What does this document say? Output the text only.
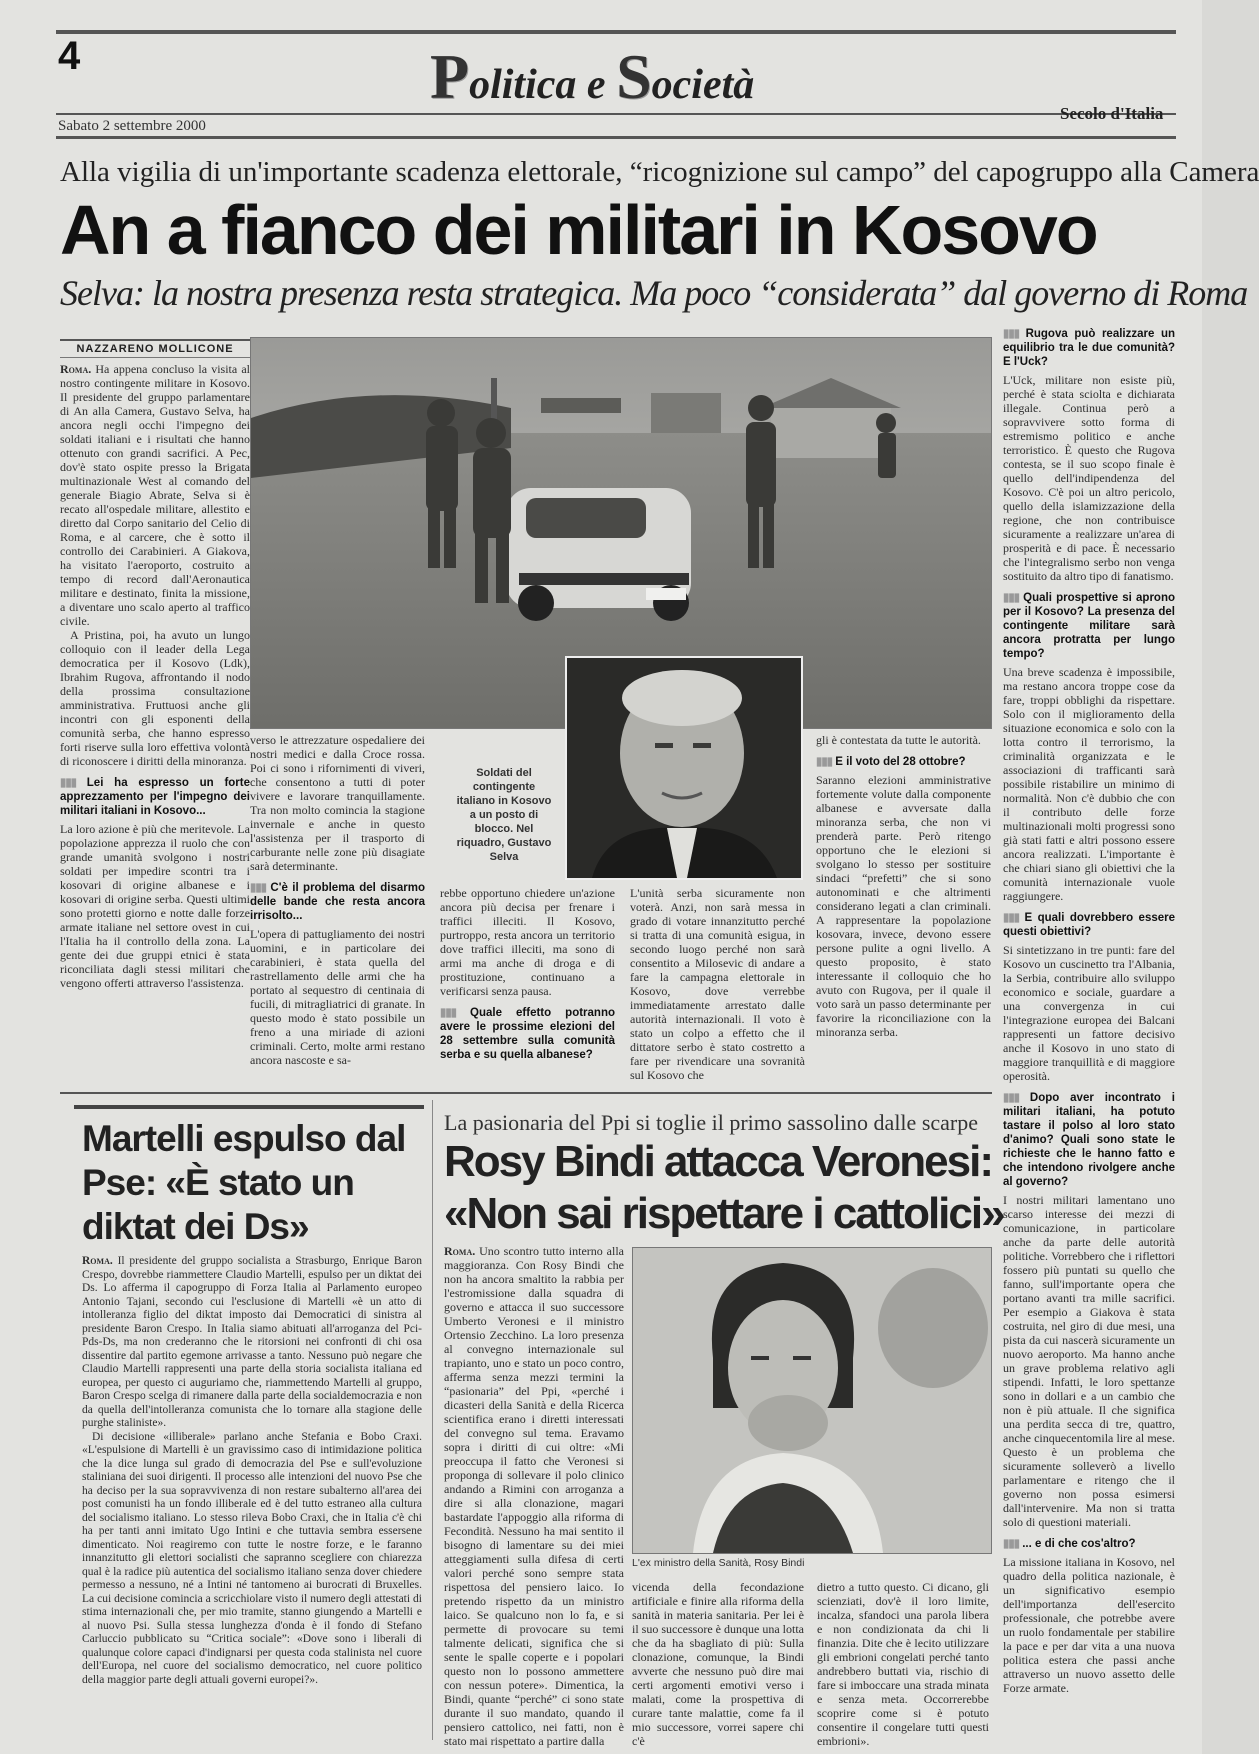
4	Politica e Società
Sabato 2 settembre 2000
Secolo d'Italia
Alla vigilia di un'importante scadenza elettorale, “ricognizione sul campo” del capogruppo alla Camera
An a fianco dei militari in Kosovo
Selva: la nostra presenza resta strategica. Ma poco “considerata” dal governo di Roma
NAZZARENO MOLLICONE

Roma. Ha appena concluso la visita al nostro contingente militare in Kosovo. Il presidente del gruppo parlamentare di An alla Camera, Gustavo Selva, ha ancora negli occhi l'impegno dei soldati italiani e i risultati che hanno ottenuto con grandi sacrifici. A Pec, dov'è stato ospite presso la Brigata multinazionale West al comando del generale Biagio Abrate, Selva si è recato all'ospedale militare, allestito e diretto dal Corpo sanitario del Celio di Roma, e al carcere, che è sotto il controllo dei Carabinieri. A Giakova, ha visitato l'aeroporto, costruito a tempo di record dall'Aeronautica militare e destinato, finita la missione, a diventare uno scalo aperto al traffico civile.

A Pristina, poi, ha avuto un lungo colloquio con il leader della Lega democratica per il Kosovo (Ldk), Ibrahim Rugova, affrontando il nodo della prossima consultazione amministrativa. Fruttuosi anche gli incontri con gli esponenti della comunità serba, che hanno espresso forti riserve sulla loro effettiva volontà di riconoscere i diritti della minoranza.

▮▮▮ Lei ha espresso un forte apprezzamento per l'impegno dei militari italiani in Kosovo...

La loro azione è più che meritevole. La popolazione apprezza il ruolo che con grande umanità svolgono i nostri soldati per impedire scontri tra i kosovari di origine albanese e i kosovari di origine serba. Questi ultimi sono protetti giorno e notte dalle forze armate italiane nel settore ovest in cui l'Italia ha il controllo della zona. La gente dei due gruppi etnici è stata riconciliata dagli stessi militari che vengono offerti attraverso l'assistenza.

Soldati del contingente italiano in Kosovo a un posto di blocco. Nel riquadro, Gustavo Selva

verso le attrezzature ospedaliere dei nostri medici e dalla Croce rossa. Poi ci sono i rifornimenti di viveri, che consentono a tutti di poter vivere e lavorare tranquillamente. Tra non molto comincia la stagione invernale e anche in questo l'assistenza per il trasporto di carburante nelle zone più disagiate sarà determinante.

▮▮▮ C'è il problema del disarmo delle bande che resta ancora irrisolto...

L'opera di pattugliamento dei nostri uomini, e in particolare dei carabinieri, è stata quella del rastrellamento delle armi che ha portato al sequestro di centinaia di fucili, di mitragliatrici di granate. In questo modo è stato possibile un freno a una miriade di azioni criminali. Certo, molte armi restano ancora nascoste e sa-

rebbe opportuno chiedere un'azione ancora più decisa per frenare i traffici illeciti. Il Kosovo, purtroppo, resta ancora un territorio dove traffici illeciti, ma sono di armi ma anche di droga e di prostituzione, continuano a verificarsi senza pausa.

▮▮▮ Quale effetto potranno avere le prossime elezioni del 28 settembre sulla comunità serba e su quella albanese?

L'unità serba sicuramente non voterà. Anzi, non sarà messa in grado di votare innanzitutto perché si tratta di una comunità esigua, in secondo luogo perché non sarà consentito a Milosevic di andare a fare la campagna elettorale in Kosovo, dove verrebbe immediatamente arrestato dalle autorità internazionali. Il voto è stato un colpo a effetto che il dittatore serbo è stato costretto a fare per rivendicare una sovranità sul Kosovo che

gli è contestata da tutte le autorità.

▮▮▮ E il voto del 28 ottobre?

Saranno elezioni amministrative fortemente volute dalla componente albanese e avversate dalla minoranza serba, che non vi prenderà parte. Però ritengo opportuno che le elezioni si svolgano lo stesso per sostituire sindaci “prefetti” che si sono autonominati e che altrimenti considerano legati a clan criminali. A rappresentare la popolazione kosovara, invece, devono essere persone pulite a ogni livello. A questo proposito, è stato interessante il colloquio che ho avuto con Rugova, per il quale il voto sarà un passo determinante per favorire la riconciliazione con la minoranza serba.

▮▮▮ Rugova può realizzare un equilibrio tra le due comunità? E l'Uck?

L'Uck, militare non esiste più, perché è stata sciolta e dichiarata illegale. Continua però a sopravvivere sotto forma di estremismo politico e anche terroristico. È questo che Rugova contesta, se il suo scopo finale è quello dell'indipendenza del Kosovo. C'è poi un altro pericolo, quello della islamizzazione della regione, che non contribuisce sicuramente a realizzare un'area di prosperità e di pace. È necessario che l'integralismo serbo non venga sostituito da altro tipo di fanatismo.

▮▮▮ Quali prospettive si aprono per il Kosovo? La presenza del contingente militare sarà ancora protratta per lungo tempo?

Una breve scadenza è impossibile, ma restano ancora troppe cose da fare, troppi obblighi da rispettare. Solo con il miglioramento della situazione economica e solo con la lotta contro il terrorismo, la criminalità organizzata e le associazioni di trafficanti sarà possibile ristabilire un minimo di normalità. Non c'è dubbio che con il contributo delle forze multinazionali molti progressi sono già stati fatti e altri possono essere ancora realizzati. L'importante è che chiari siano gli obiettivi che la comunità internazionale vuole raggiungere.

▮▮▮ E quali dovrebbero essere questi obiettivi?

Si sintetizzano in tre punti: fare del Kosovo un cuscinetto tra l'Albania, la Serbia, contribuire allo sviluppo economico e sociale, guardare a una convergenza in cui l'integrazione europea dei Balcani rappresenti un fattore decisivo anche il Kosovo in uno stato di maggiore tranquillità e di maggiore operosità.

▮▮▮ Dopo aver incontrato i militari italiani, ha potuto tastare il polso al loro stato d'animo? Quali sono state le richieste che le hanno fatto e che intendono rivolgere anche al governo?

I nostri militari lamentano uno scarso interesse dei mezzi di comunicazione, in particolare anche da parte delle autorità politiche. Vorrebbero che i riflettori fossero più puntati su quello che fanno, sull'importante opera che portano avanti tra mille sacrifici. Per esempio a Giakova è stata costruita, nel giro di due mesi, una pista da cui nascerà sicuramente un nuovo aeroporto. Ma hanno anche un grave problema relativo agli stipendi. Infatti, le loro spettanze sono in dollari e a un cambio che non è più attuale. Il che significa una perdita secca di tre, quattro, anche cinquecentomila lire al mese. Questo è un problema che sicuramente solleverò a livello parlamentare e ritengo che il governo non possa esimersi dall'intervenire. Ma non si tratta solo di questioni materiali.

▮▮▮ ... e di che cos'altro?

La missione italiana in Kosovo, nel quadro della politica nazionale, è un significativo esempio dell'importanza dell'esercito professionale, che potrebbe avere un ruolo fondamentale per stabilire la pace e per dar vita a una nuova politica estera che passi anche attraverso un nuovo assetto delle Forze armate.

Martelli espulso dal Pse: «È stato un diktat dei Ds»

Roma. Il presidente del gruppo socialista a Strasburgo, Enrique Baron Crespo, dovrebbe riammettere Claudio Martelli, espulso per un diktat dei Ds. Lo afferma il capogruppo di Forza Italia al Parlamento europeo Antonio Tajani, secondo cui l'esclusione di Martelli «è un atto di intolleranza figlio del diktat imposto dai Democratici di sinistra al presidente Baron Crespo. In Italia siamo abituati all'arroganza del Pci-Pds-Ds, ma non crederanno che le ritorsioni nei confronti di chi osa dissentire dal partito egemone arrivasse a tanto. Nessuno può negare che Claudio Martelli rappresenti una parte della storia socialista italiana ed europea, per questo ci auguriamo che, riammettendo Martelli al gruppo, Baron Crespo scelga di rimanere dalla parte della socialdemocrazia e non da quella dell'intolleranza comunista che lo tornare alla stagione delle purghe staliniste».

Di decisione «illiberale» parlano anche Stefania e Bobo Craxi. «L'espulsione di Martelli è un gravissimo caso di intimidazione politica che la dice lunga sul grado di democrazia del Pse e sull'evoluzione staliniana dei suoi dirigenti. Il processo alle intenzioni del nuovo Pse che ha deciso per la sua sopravvivenza di non restare subalterno all'area dei post comunisti ha un fondo illiberale ed è del tutto estraneo alla cultura del socialismo italiano. Lo stesso rileva Bobo Craxi, che in Italia c'è chi ha per tanti anni imitato Ugo Intini e che tuttavia sembra essersene dimenticato. Noi reagiremo con tutte le nostre forze, e le faranno innanzitutto gli elettori socialisti che sapranno scegliere con chiarezza qual è la radice più autentica del socialismo italiano senza dover chiedere permesso a nessuno, né a Intini né tantomeno ai burocrati di Bruxelles. La cui decisione comincia a scricchiolare visto il numero degli attestati di stima internazionali che, per mio tramite, stanno giungendo a Martelli e al nuovo Psi. Sulla stessa lunghezza d'onda è il fondo di Stefano Carluccio pubblicato su “Critica sociale”: «Dove sono i liberali di qualunque colore capaci d'indignarsi per questa coda stalinista nel cuore dell'Europa, nel cuore del socialismo democratico, nel cuore politico della maggior parte degli attuali governi europei?».

La pasionaria del Ppi si toglie il primo sassolino dalle scarpe
Rosy Bindi attacca Veronesi:
«Non sai rispettare i cattolici»

Roma. Uno scontro tutto interno alla maggioranza. Con Rosy Bindi che non ha ancora smaltito la rabbia per l'estromissione dalla squadra di governo e attacca il suo successore Umberto Veronesi e il ministro Ortensio Zecchino. La loro presenza al convegno internazionale sul trapianto, uno e stato un poco contro, afferma senza mezzi termini la “pasionaria” del Ppi, «perché i dicasteri della Sanità e della Ricerca scientifica erano i diretti interessati del convegno sul tema. Eravamo sopra i diritti di cui oltre: «Mi preoccupa il fatto che Veronesi si proponga di sollevare il polo clinico andando a Rimini con arroganza a dire si alla clonazione, magari bastardate l'appoggio alla riforma di Fecondità. Nessuno ha mai sentito il bisogno di lamentare su dei miei atteggiamenti sulla difesa di certi valori perché sono sempre stata rispettosa del pensiero laico. Io pretendo rispetto da un ministro laico. Se qualcuno non lo fa, e si permette di provocare su temi talmente delicati, significa che si sente le spalle coperte e i popolari questo non lo possono ammettere con nessun potere». Dimentica, la Bindi, quante “perché” ci sono state durante il suo mandato, quando il pensiero cattolico, nei fatti, non è stato mai rispettato a partire dalla

L'ex ministro della Sanità, Rosy Bindi

vicenda della fecondazione artificiale e finire alla riforma della sanità in materia sanitaria. Per lei è il suo successore è dunque una lotta che da ha sbagliato di più: Sulla clonazione, comunque, la Bindi avverte che nessuno può dire mai certi argomenti emotivi verso i malati, come la prospettiva di curare tante malattie, come fa il mio successore, vorrei sapere chi c'è

dietro a tutto questo. Ci dicano, gli scienziati, dov'è il loro limite, incalza, sfandoci una parola libera e non condizionata da chi li finanzia. Dite che è lecito utilizzare gli embrioni congelati perché tanto andrebbero buttati via, rischio di fare si imboccare una strada minata e senza meta. Occorrerebbe scoprire come si è potuto consentire il congelare tutti questi embrioni».
